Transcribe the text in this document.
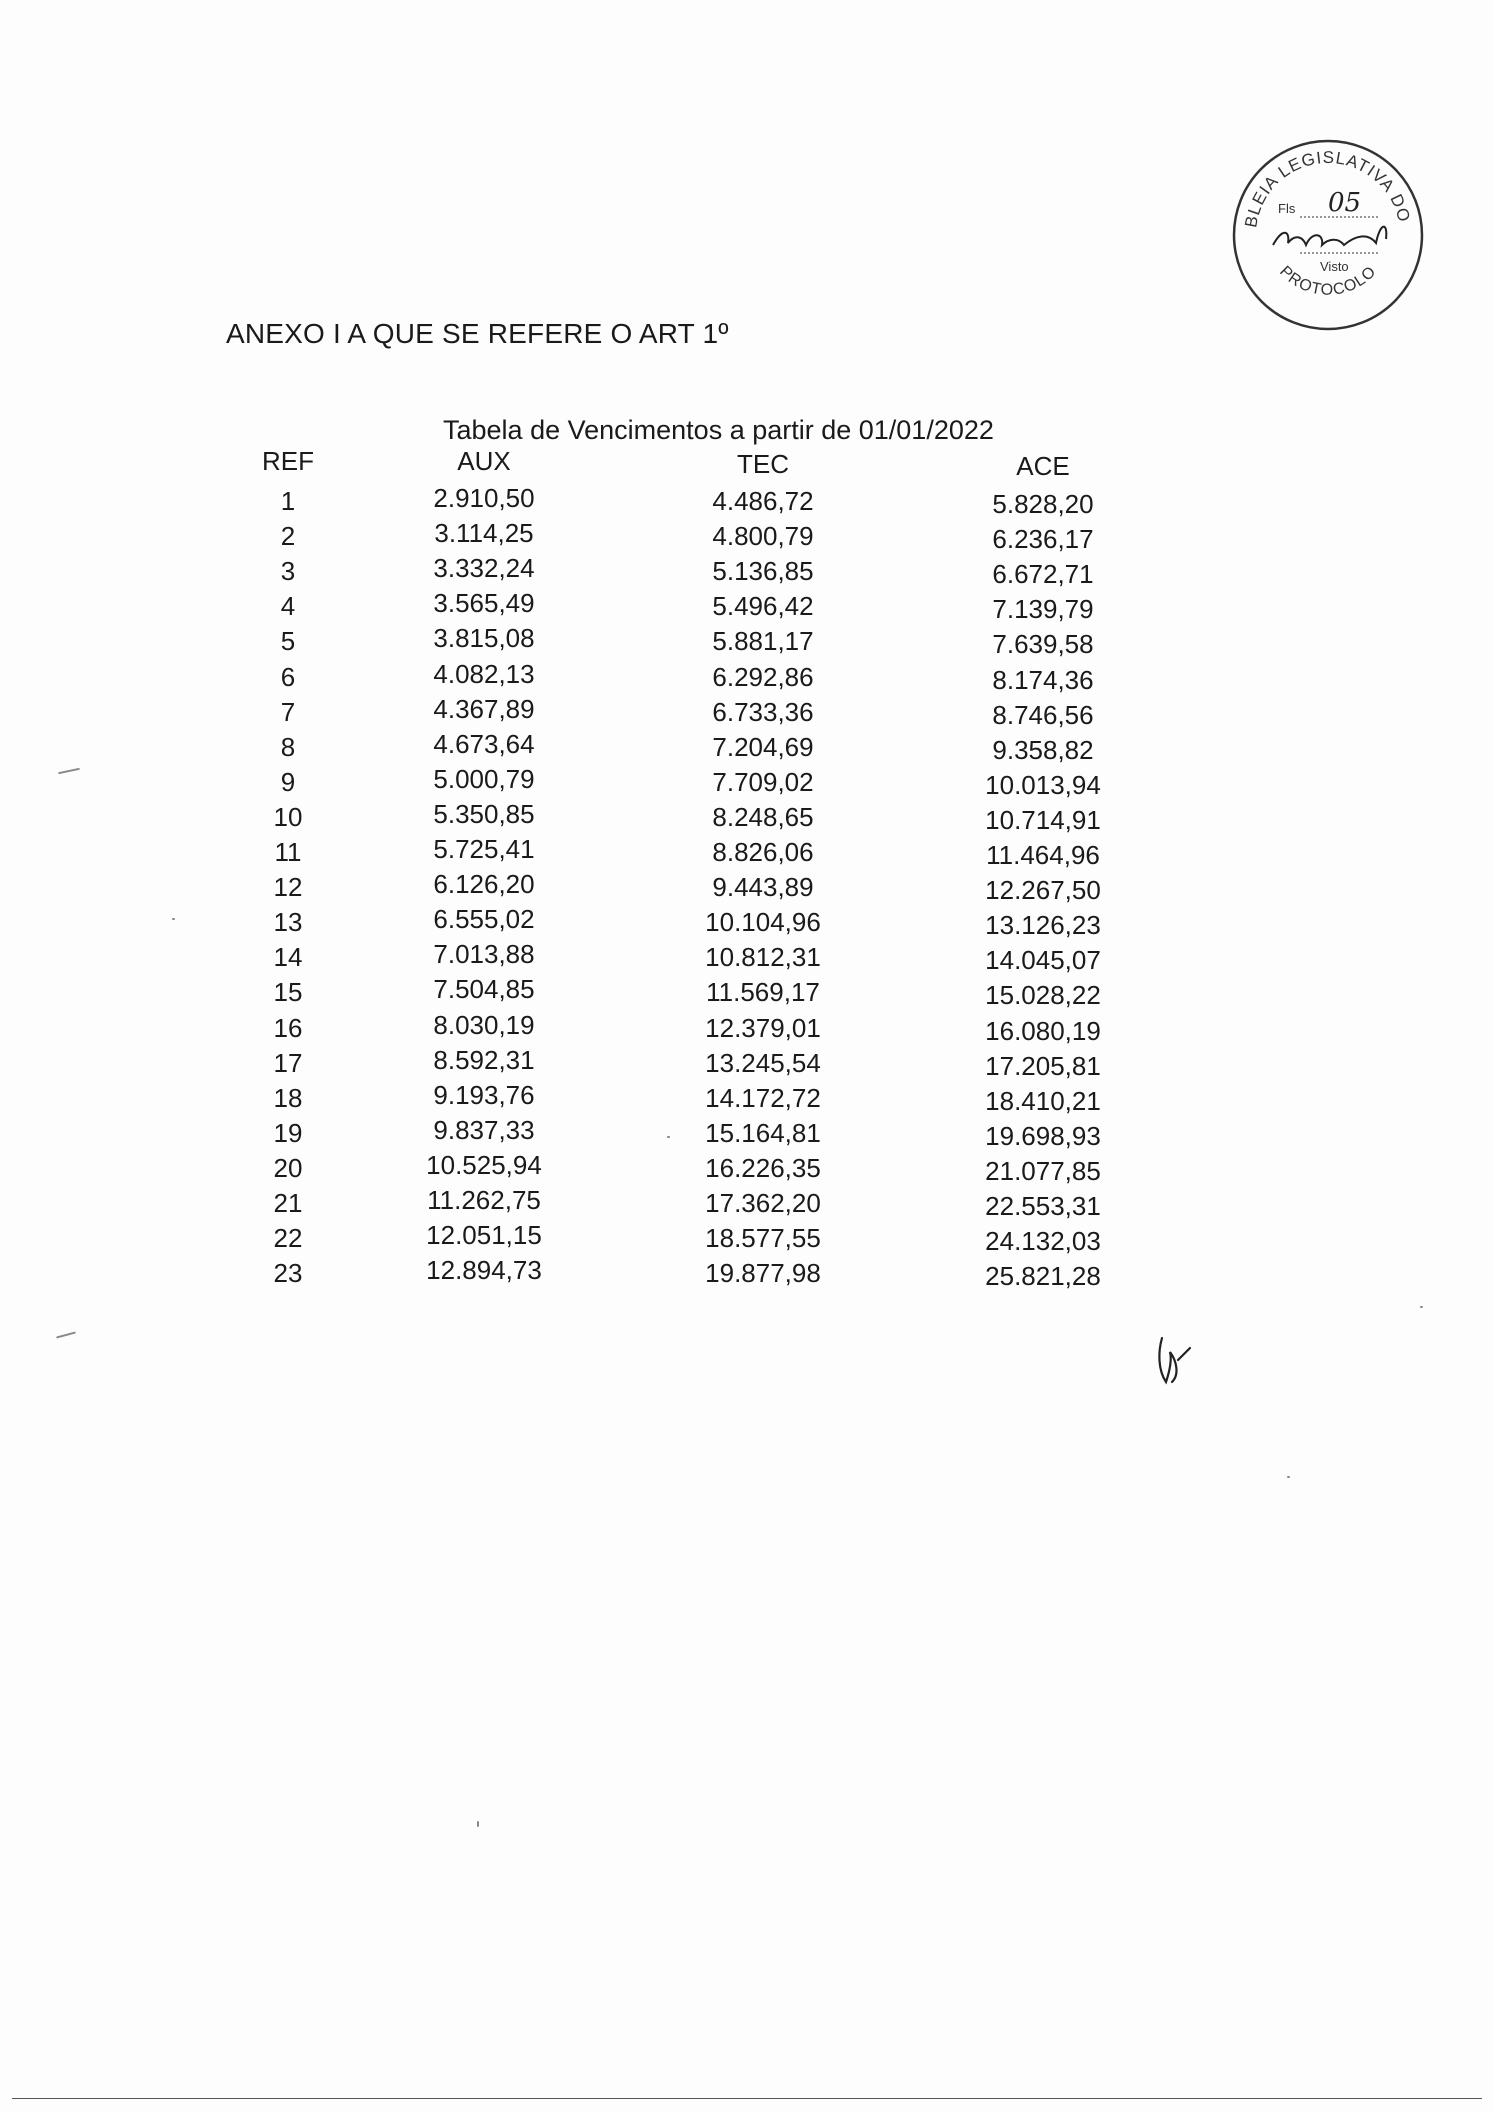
BLEIA LEGISLATIVA DO
PROTOCOLO
Fls 05
Visto
ANEXO I A QUE SE REFERE O ART 1º
Tabela de Vencimentos a partir de 01/01/2022
REF	AUX	TEC	ACE
1	2.910,50	4.486,72	5.828,20
2	3.114,25	4.800,79	6.236,17
3	3.332,24	5.136,85	6.672,71
4	3.565,49	5.496,42	7.139,79
5	3.815,08	5.881,17	7.639,58
6	4.082,13	6.292,86	8.174,36
7	4.367,89	6.733,36	8.746,56
8	4.673,64	7.204,69	9.358,82
9	5.000,79	7.709,02	10.013,94
10	5.350,85	8.248,65	10.714,91
11	5.725,41	8.826,06	11.464,96
12	6.126,20	9.443,89	12.267,50
13	6.555,02	10.104,96	13.126,23
14	7.013,88	10.812,31	14.045,07
15	7.504,85	11.569,17	15.028,22
16	8.030,19	12.379,01	16.080,19
17	8.592,31	13.245,54	17.205,81
18	9.193,76	14.172,72	18.410,21
19	9.837,33	15.164,81	19.698,93
20	10.525,94	16.226,35	21.077,85
21	11.262,75	17.362,20	22.553,31
22	12.051,15	18.577,55	24.132,03
23	12.894,73	19.877,98	25.821,28
